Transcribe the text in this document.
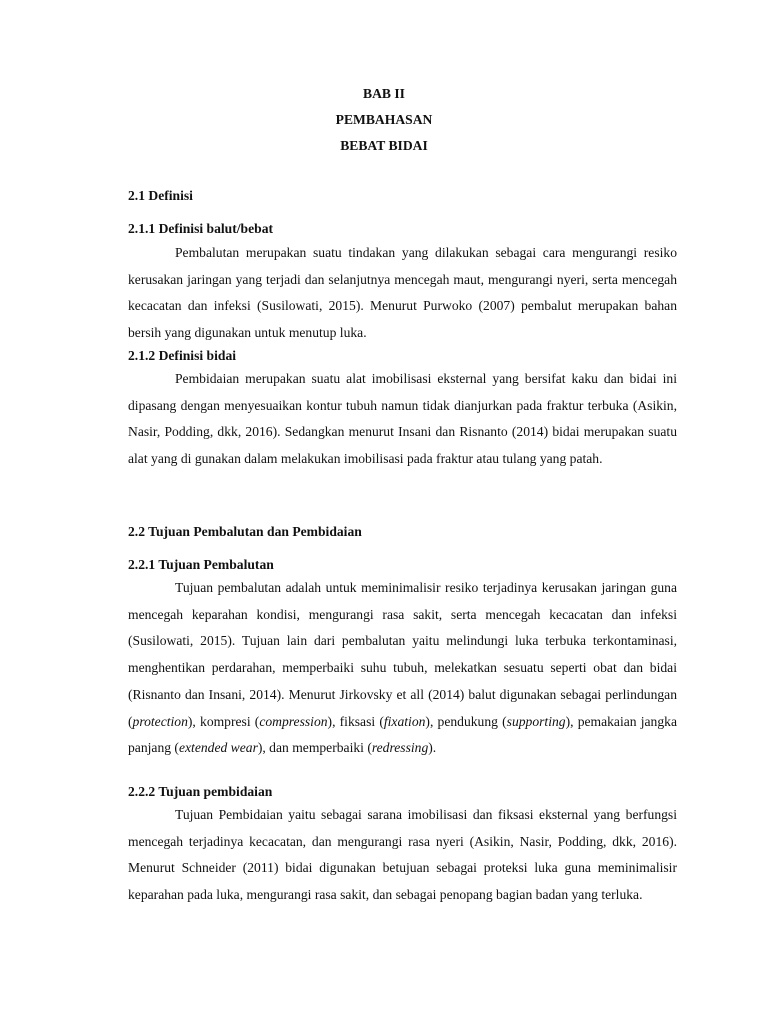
BAB II
PEMBAHASAN
BEBAT BIDAI
2.1 Definisi
2.1.1 Definisi balut/bebat

Pembalutan merupakan suatu tindakan yang dilakukan sebagai cara mengurangi resiko kerusakan jaringan yang terjadi dan selanjutnya mencegah maut, mengurangi nyeri, serta mencegah kecacatan dan infeksi (Susilowati, 2015). Menurut Purwoko (2007) pembalut merupakan bahan bersih yang digunakan untuk menutup luka.

2.1.2 Definisi bidai

Pembidaian merupakan suatu alat imobilisasi eksternal yang bersifat kaku dan bidai ini dipasang dengan menyesuaikan kontur tubuh namun tidak dianjurkan pada fraktur terbuka (Asikin, Nasir, Podding, dkk, 2016). Sedangkan menurut Insani dan Risnanto (2014) bidai merupakan suatu alat yang di gunakan dalam melakukan imobilisasi pada fraktur atau tulang yang patah.

2.2 Tujuan Pembalutan dan Pembidaian
2.2.1 Tujuan Pembalutan

Tujuan pembalutan adalah untuk meminimalisir resiko terjadinya kerusakan jaringan guna mencegah keparahan kondisi, mengurangi rasa sakit, serta mencegah kecacatan dan infeksi (Susilowati, 2015). Tujuan lain dari pembalutan yaitu melindungi luka terbuka terkontaminasi, menghentikan perdarahan, memperbaiki suhu tubuh, melekatkan sesuatu seperti obat dan bidai (Risnanto dan Insani, 2014). Menurut Jirkovsky et all (2014) balut digunakan sebagai perlindungan (protection), kompresi (compression), fiksasi (fixation), pendukung (supporting), pemakaian jangka panjang (extended wear), dan memperbaiki (redressing).

2.2.2 Tujuan pembidaian

Tujuan Pembidaian yaitu sebagai sarana imobilisasi dan fiksasi eksternal yang berfungsi mencegah terjadinya kecacatan, dan mengurangi rasa nyeri (Asikin, Nasir, Podding, dkk, 2016). Menurut Schneider (2011) bidai digunakan betujuan sebagai proteksi luka guna meminimalisir keparahan pada luka, mengurangi rasa sakit, dan sebagai penopang bagian badan yang terluka.
